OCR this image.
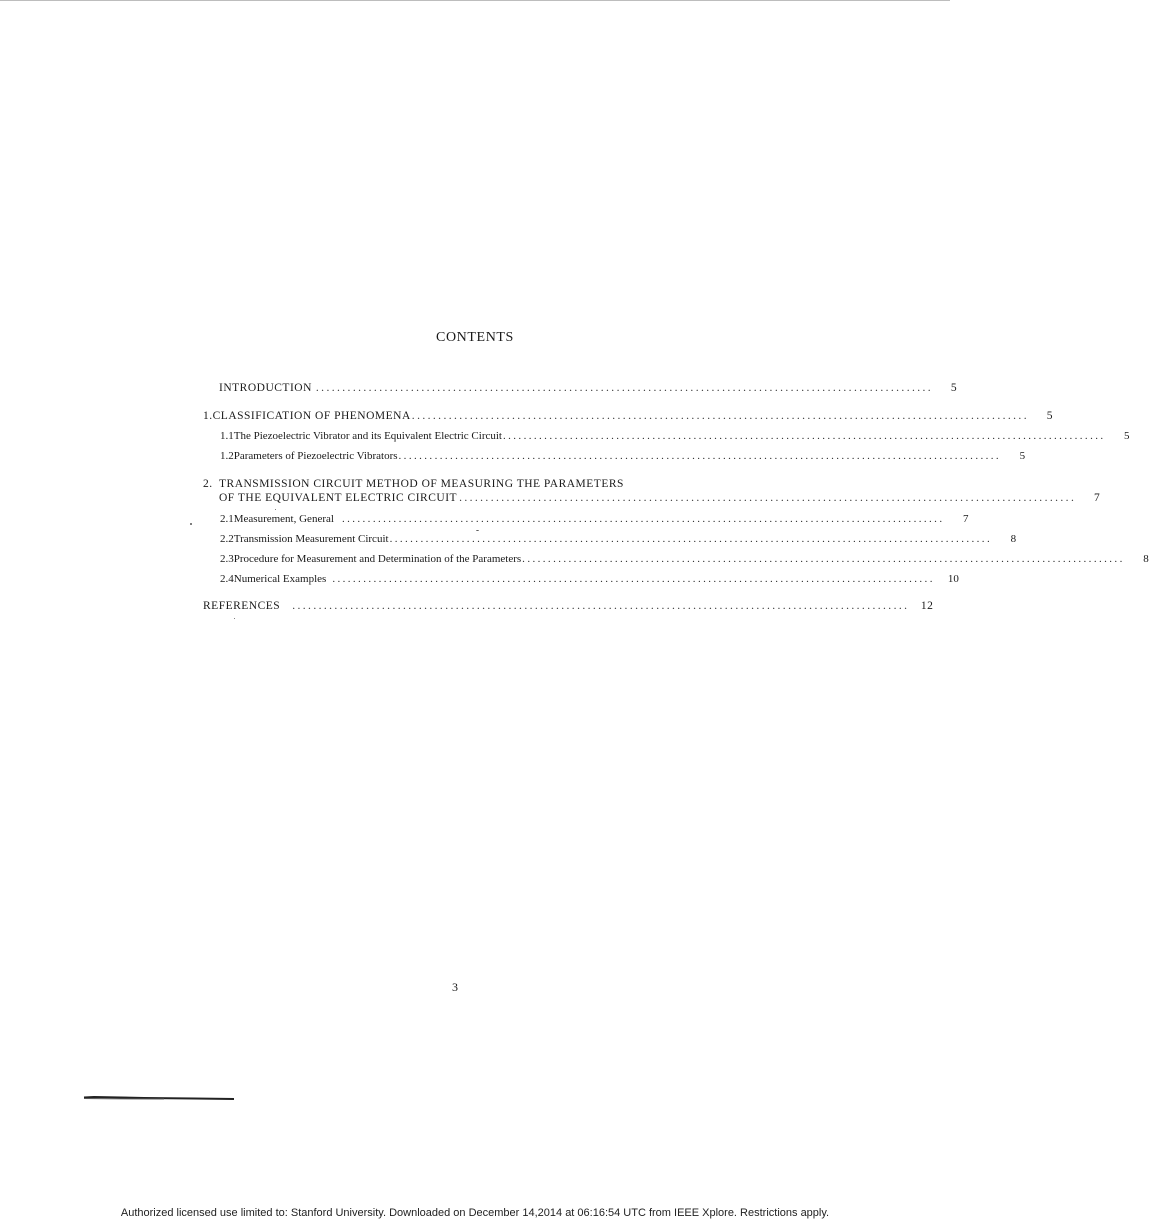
CONTENTS
INTRODUCTION .....................................................................................................................	5
1. CLASSIFICATION OF PHENOMENA .....................................................................................................................	5
1.1 The Piezoelectric Vibrator and its Equivalent Electric Circuit .....................................................................................................................	5
1.2 Parameters of Piezoelectric Vibrators .....................................................................................................................	5
2. TRANSMISSION CIRCUIT METHOD OF MEASURING THE PARAMETERS
OF THE EQUIVALENT ELECTRIC CIRCUIT .....................................................................................................................	7
2.1 Measurement, General .....................................................................................................................	7
2.2 Transmission Measurement Circuit .....................................................................................................................	8
2.3 Procedure for Measurement and Determination of the Parameters .....................................................................................................................	8
2.4 Numerical Examples .....................................................................................................................	10
REFERENCES .....................................................................................................................	12
3
Authorized licensed use limited to: Stanford University. Downloaded on December 14,2014 at 06:16:54 UTC from IEEE Xplore. Restrictions apply.
